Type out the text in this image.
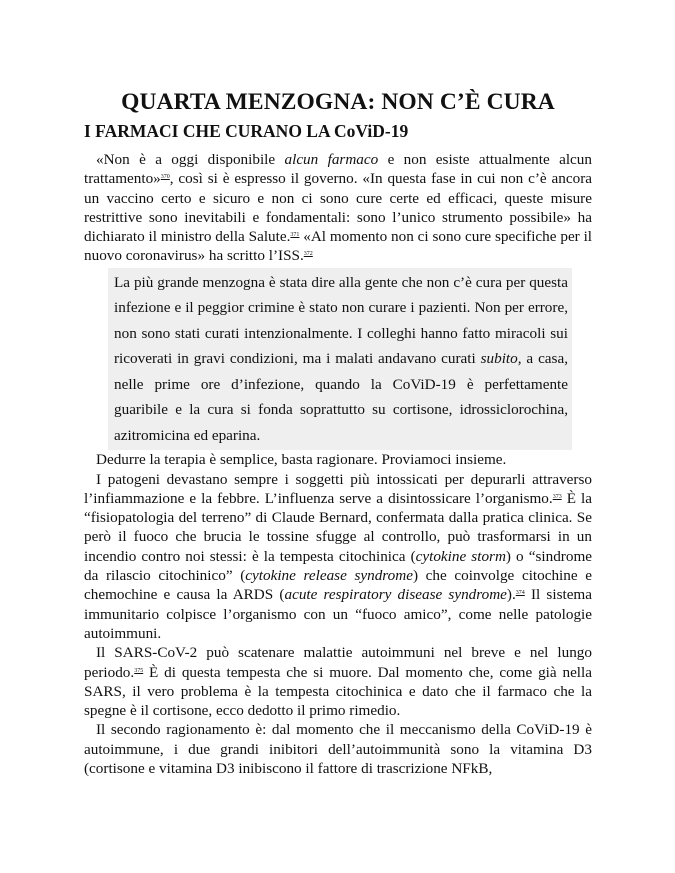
QUARTA MENZOGNA: NON C’È CURA
I FARMACI CHE CURANO LA CoViD-19

«Non è a oggi disponibile alcun farmaco e non esiste attualmente alcun trattamento»$^{370}$, così si è espresso il governo. «In questa fase in cui non c’è ancora un vaccino certo e sicuro e non ci sono cure certe ed efficaci, queste misure restrittive sono inevitabili e fondamentali: sono l’unico strumento possibile» ha dichiarato il ministro della Salute.$^{371}$ «Al momento non ci sono cure specifiche per il nuovo coronavirus» ha scritto l’ISS.$^{372}$

La più grande menzogna è stata dire alla gente che non c’è cura per questa infezione e il peggior crimine è stato non curare i pazienti. Non per errore, non sono stati curati intenzionalmente. I colleghi hanno fatto miracoli sui ricoverati in gravi condizioni, ma i malati andavano curati subito, a casa, nelle prime ore d’infezione, quando la CoViD-19 è perfettamente guaribile e la cura si fonda soprattutto su cortisone, idrossiclorochina, azitromicina ed eparina.

Dedurre la terapia è semplice, basta ragionare. Proviamoci insieme.

I patogeni devastano sempre i soggetti più intossicati per depurarli attraverso l’infiammazione e la febbre. L’influenza serve a disintossicare l’organismo.$^{373}$ È la “fisiopatologia del terreno” di Claude Bernard, confermata dalla pratica clinica. Se però il fuoco che brucia le tossine sfugge al controllo, può trasformarsi in un incendio contro noi stessi: è la tempesta citochinica (cytokine storm) o “sindrome da rilascio citochinico” (cytokine release syndrome) che coinvolge citochine e chemochine e causa la ARDS (acute respiratory disease syndrome).$^{374}$ Il sistema immunitario colpisce l’organismo con un “fuoco amico”, come nelle patologie autoimmuni.

Il SARS-CoV-2 può scatenare malattie autoimmuni nel breve e nel lungo periodo.$^{375}$ È di questa tempesta che si muore. Dal momento che, come già nella SARS, il vero problema è la tempesta citochinica e dato che il farmaco che la spegne è il cortisone, ecco dedotto il primo rimedio.

Il secondo ragionamento è: dal momento che il meccanismo della CoViD-19 è autoimmune, i due grandi inibitori dell’autoimmunità sono la vitamina D3 (cortisone e vitamina D3 inibiscono il fattore di trascrizione NFkB,
